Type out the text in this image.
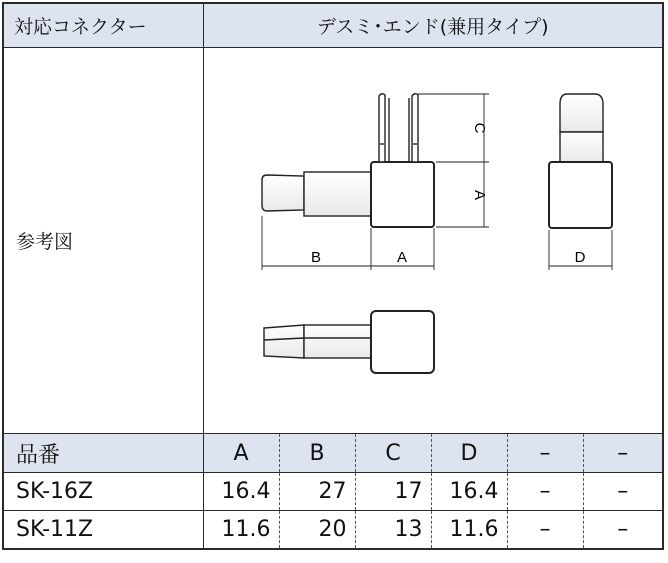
対応コネクター	デスミ･エンド(兼用タイプ)					
参考図	B A D
C
A					

品番	A	B	C	D	–	–
SK-16Z	16.4	27	17	16.4	–	–
SK-11Z	11.6	20	13	11.6	–	–
